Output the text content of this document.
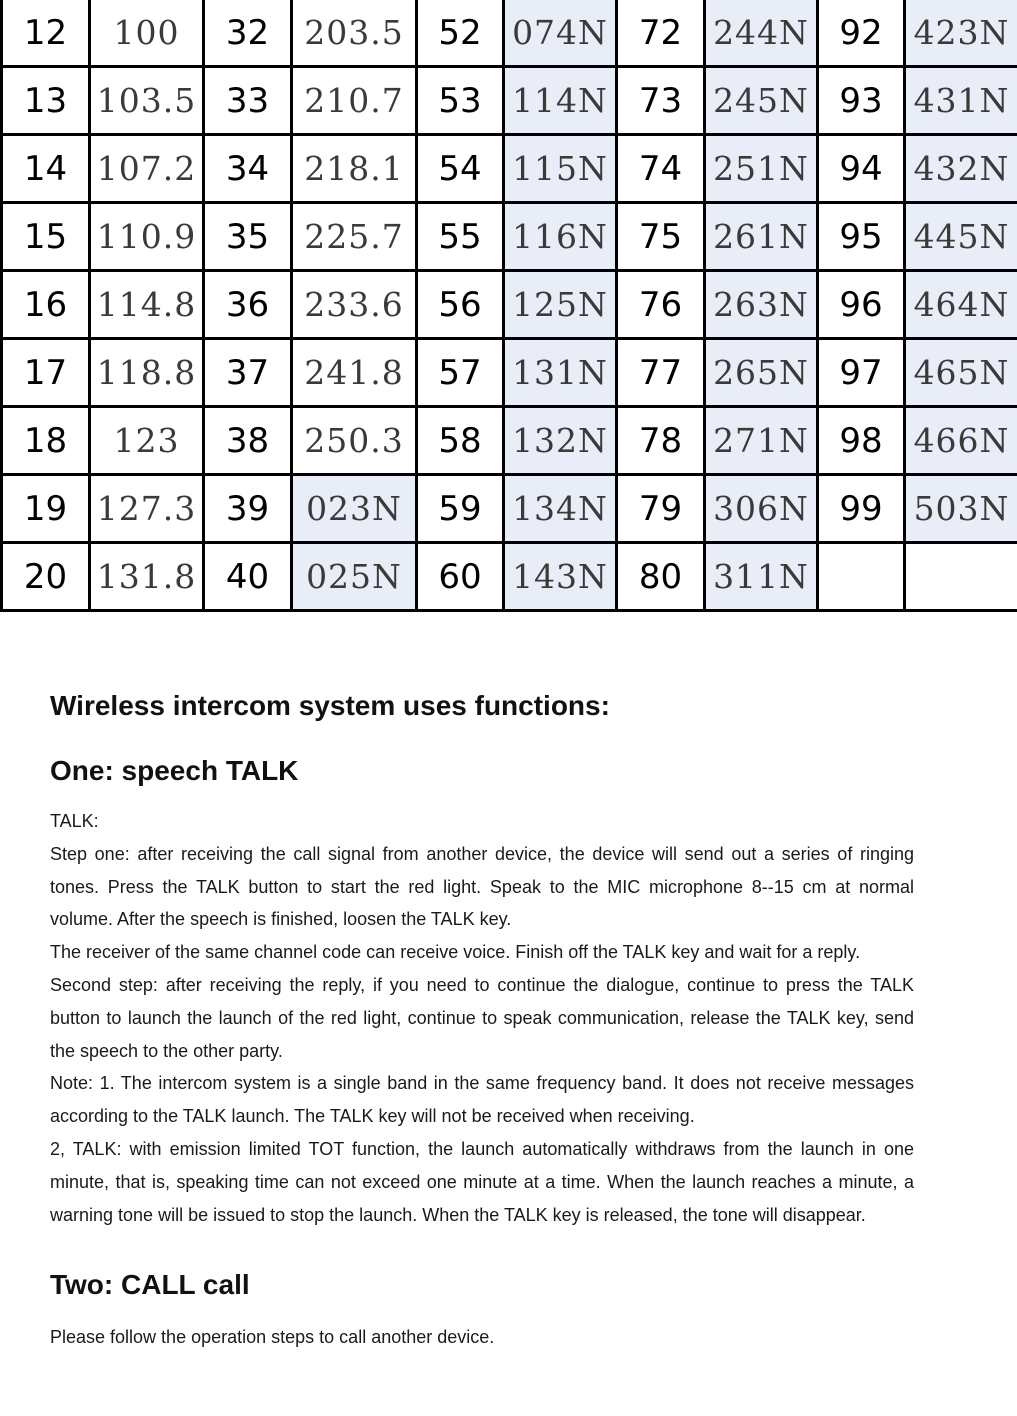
12	100	32	203.5	52	074N	72	244N	92	423N
13	103.5	33	210.7	53	114N	73	245N	93	431N
14	107.2	34	218.1	54	115N	74	251N	94	432N
15	110.9	35	225.7	55	116N	75	261N	95	445N
16	114.8	36	233.6	56	125N	76	263N	96	464N
17	118.8	37	241.8	57	131N	77	265N	97	465N
18	123	38	250.3	58	132N	78	271N	98	466N
19	127.3	39	023N	59	134N	79	306N	99	503N
20	131.8	40	025N	60	143N	80	311N		
Wireless intercom system uses functions:
One: speech TALK

TALK:

Step one: after receiving the call signal from another device, the device will send out a series of ringing tones. Press the TALK button to start the red light. Speak to the MIC microphone 8--15 cm at normal volume. After the speech is finished, loosen the TALK key.

The receiver of the same channel code can receive voice. Finish off the TALK key and wait for a reply.

Second step: after receiving the reply, if you need to continue the dialogue, continue to press the TALK button to launch the launch of the red light, continue to speak communication, release the TALK key, send the speech to the other party.

Note: 1. The intercom system is a single band in the same frequency band. It does not receive messages according to the TALK launch. The TALK key will not be received when receiving.

2, TALK: with emission limited TOT function, the launch automatically withdraws from the launch in one minute, that is, speaking time can not exceed one minute at a time. When the launch reaches a minute, a warning tone will be issued to stop the launch. When the TALK key is released, the tone will disappear.

Two: CALL call

Please follow the operation steps to call another device.
